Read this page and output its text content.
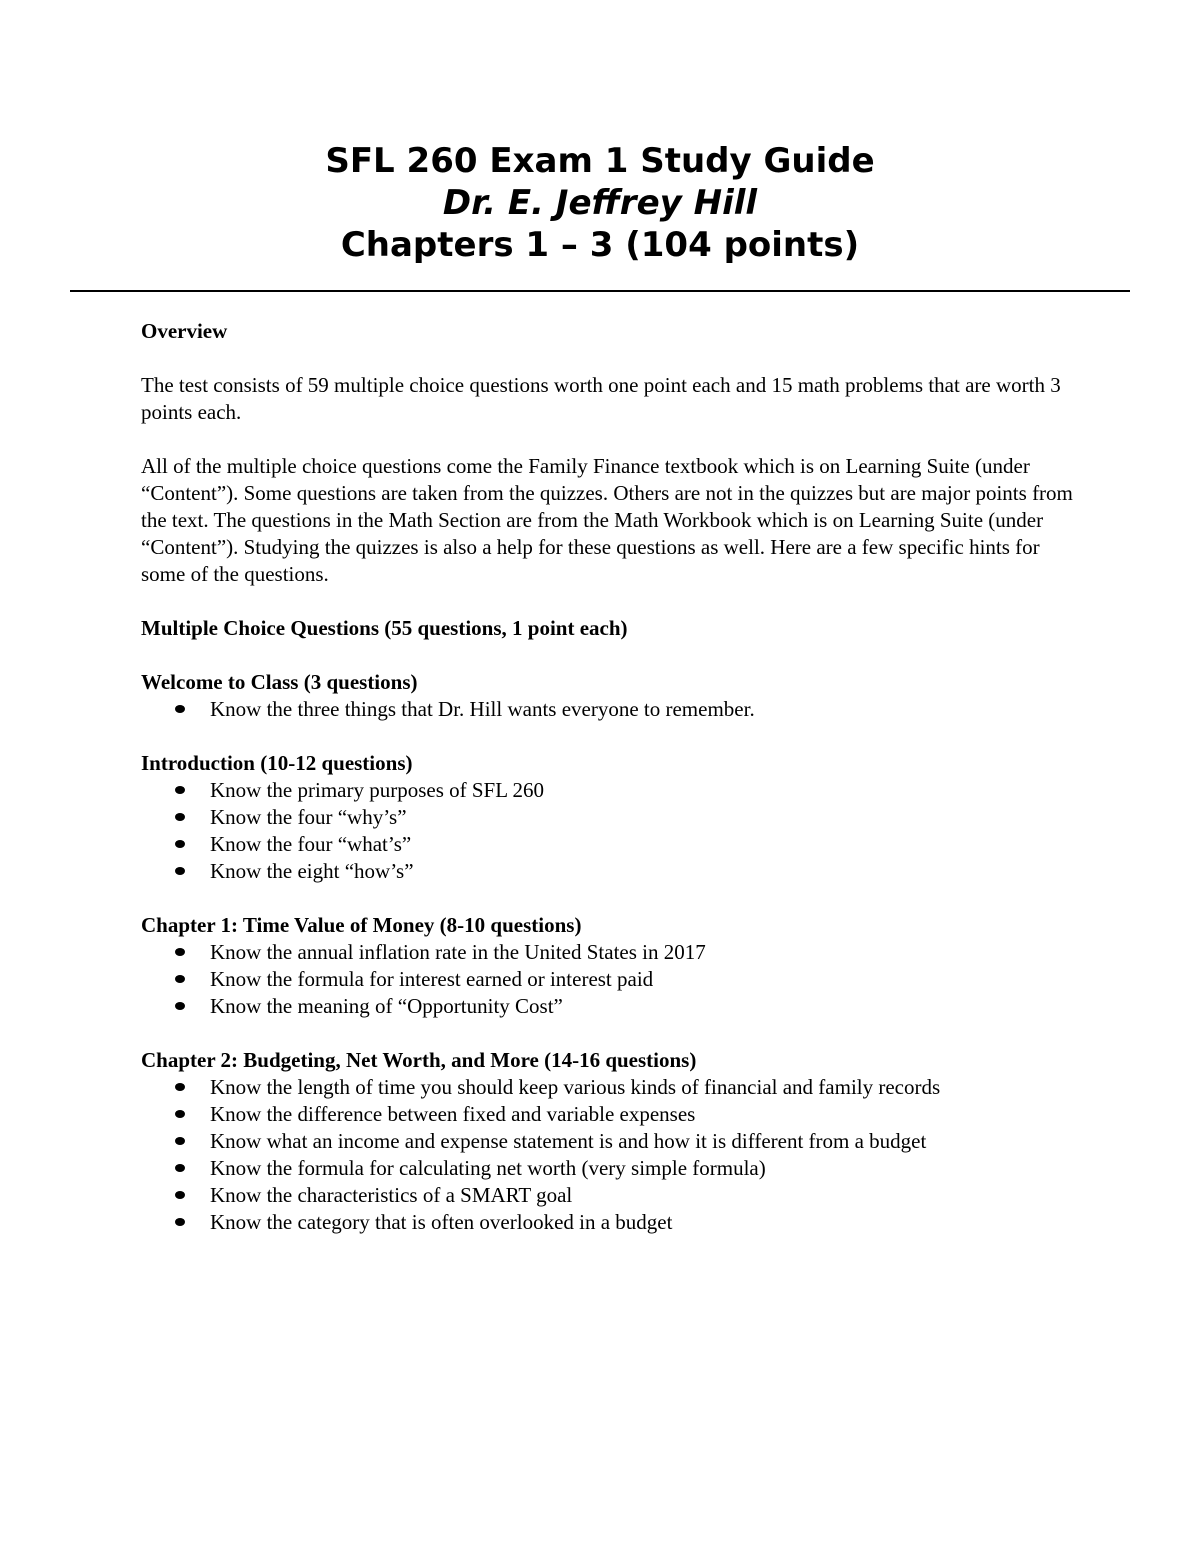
SFL 260 Exam 1 Study Guide
Dr. E. Jeffrey Hill
Chapters 1 – 3 (104 points)

Overview

The test consists of 59 multiple choice questions worth one point each and 15 math problems that are worth 3 points each.

All of the multiple choice questions come the Family Finance textbook which is on Learning Suite (under “Content”). Some questions are taken from the quizzes. Others are not in the quizzes but are major points from the text. The questions in the Math Section are from the Math Workbook which is on Learning Suite (under “Content”). Studying the quizzes is also a help for these questions as well. Here are a few specific hints for some of the questions.

Multiple Choice Questions (55 questions, 1 point each)

Welcome to Class (3 questions)
Know the three things that Dr. Hill wants everyone to remember.
Introduction (10-12 questions)
Know the primary purposes of SFL 260
Know the four “why’s”
Know the four “what’s”
Know the eight “how’s”
Chapter 1: Time Value of Money (8-10 questions)
Know the annual inflation rate in the United States in 2017
Know the formula for interest earned or interest paid
Know the meaning of “Opportunity Cost”
Chapter 2: Budgeting, Net Worth, and More (14-16 questions)
Know the length of time you should keep various kinds of financial and family records
Know the difference between fixed and variable expenses
Know what an income and expense statement is and how it is different from a budget
Know the formula for calculating net worth (very simple formula)
Know the characteristics of a SMART goal
Know the category that is often overlooked in a budget
